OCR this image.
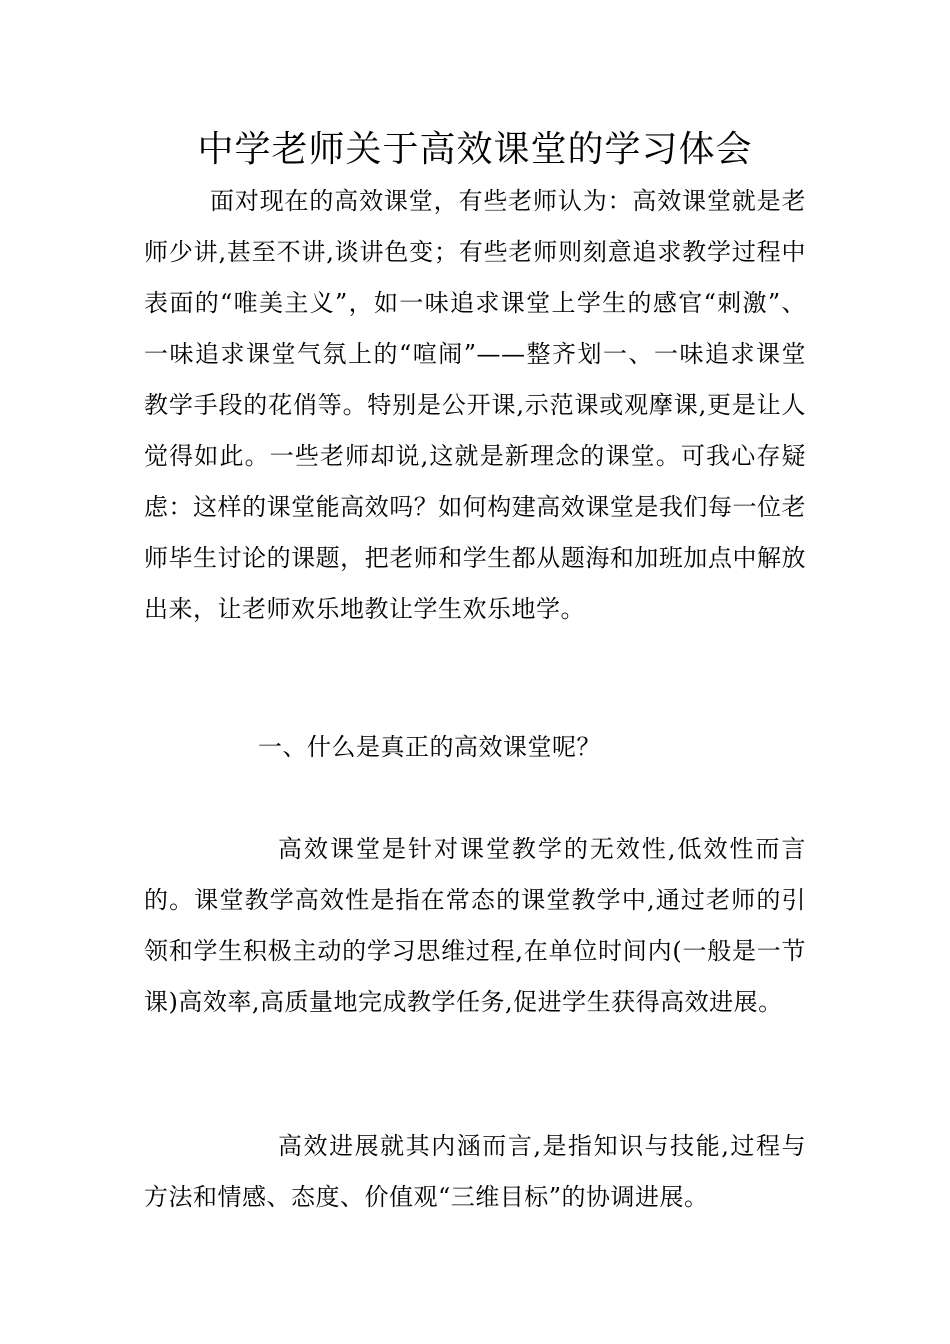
中学老师关于高效课堂的学习体会

面对现在的高效课堂，有些老师认为：高效课堂就是老师少讲,甚至不讲,谈讲色变；有些老师则刻意追求教学过程中表面的“唯美主义”，如一味追求课堂上学生的感官“刺激”、一味追求课堂气氛上的“喧闹”——整齐划一、一味追求课堂教学手段的花俏等。特别是公开课,示范课或观摩课,更是让人觉得如此。一些老师却说,这就是新理念的课堂。可我心存疑虑：这样的课堂能高效吗？如何构建高效课堂是我们每一位老师毕生讨论的课题，把老师和学生都从题海和加班加点中解放出来，让老师欢乐地教让学生欢乐地学。

一、什么是真正的高效课堂呢？

高效课堂是针对课堂教学的无效性,低效性而言的。课堂教学高效性是指在常态的课堂教学中,通过老师的引领和学生积极主动的学习思维过程,在单位时间内(一般是一节课)高效率,高质量地完成教学任务,促进学生获得高效进展。

高效进展就其内涵而言,是指知识与技能,过程与方法和情感、态度、价值观“三维目标”的协调进展。
